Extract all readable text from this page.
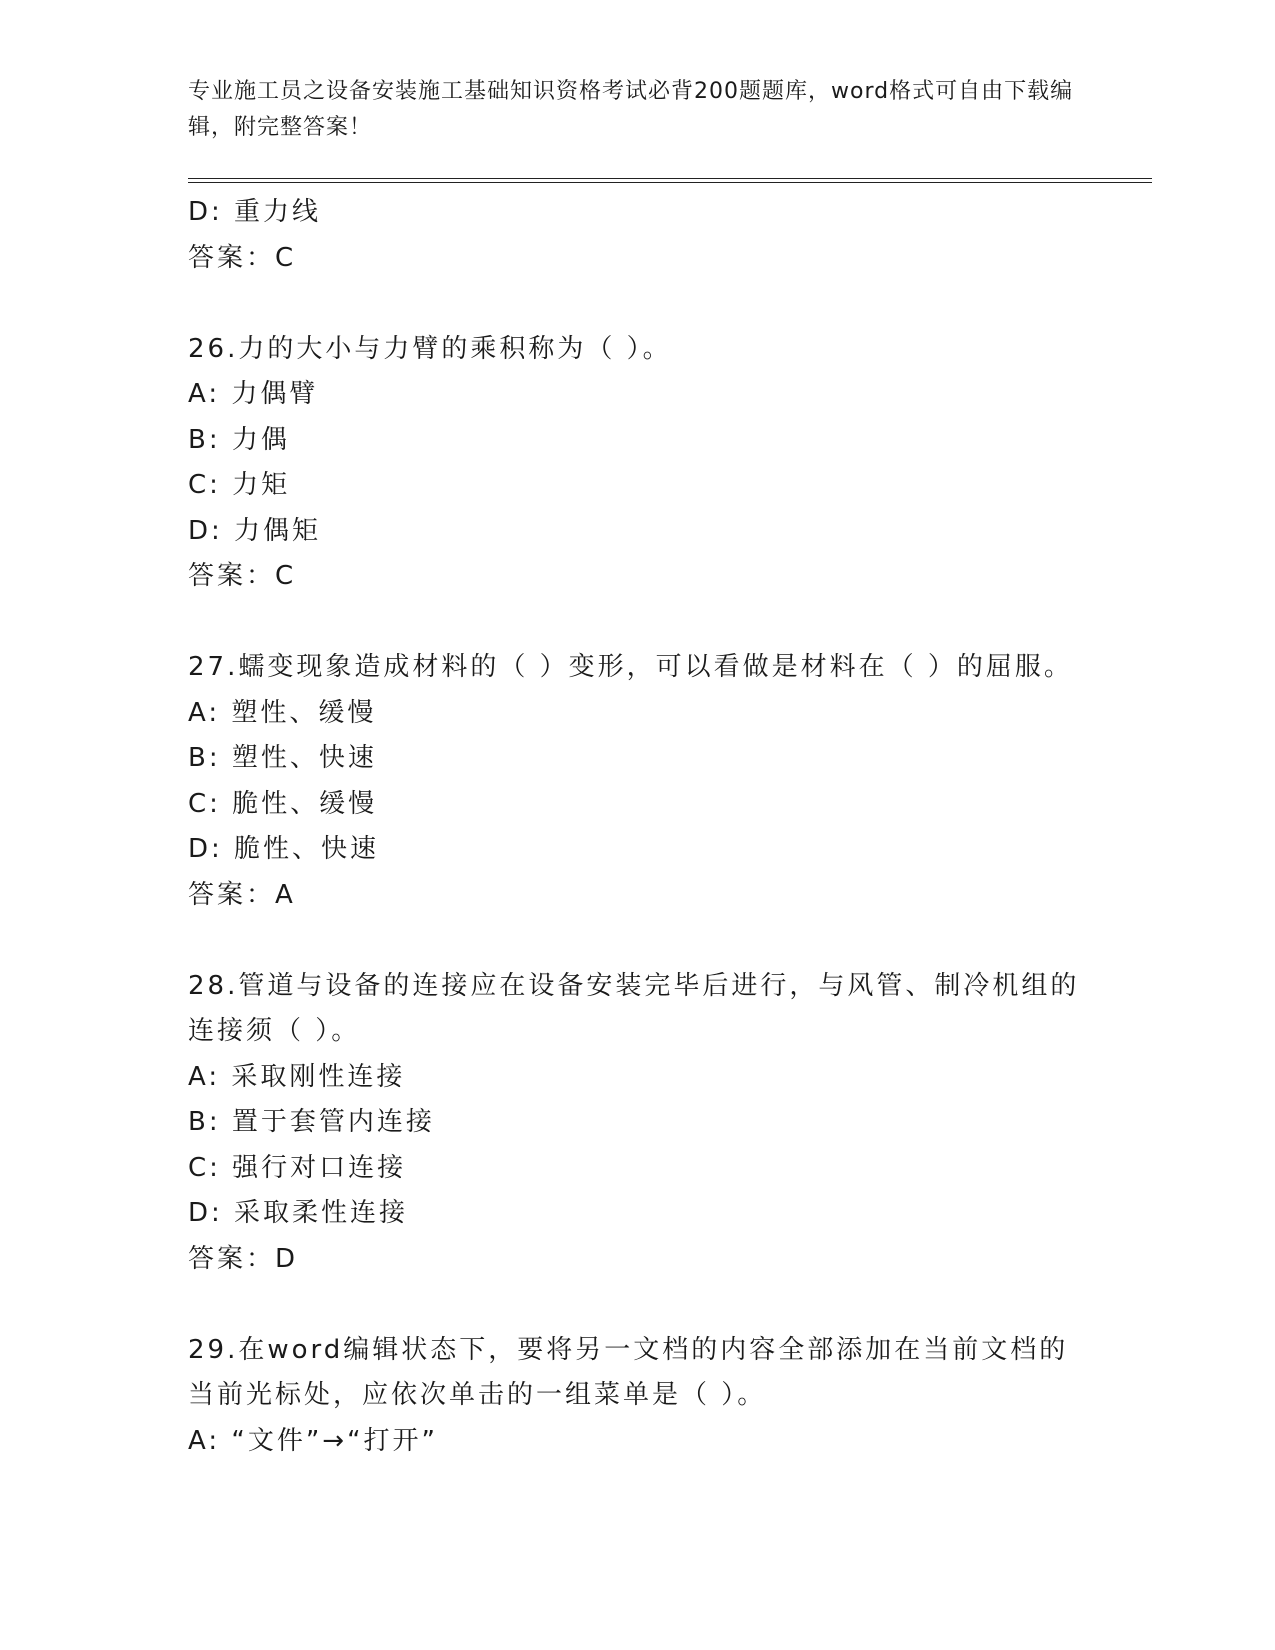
专业施工员之设备安装施工基础知识资格考试必背200题题库，word格式可自由下载编辑，附完整答案！
D: 重力线
答案：C
26.力的大小与力臂的乘积称为（ ）。
A: 力偶臂
B: 力偶
C: 力矩
D: 力偶矩
答案：C
27.蠕变现象造成材料的（ ）变形，可以看做是材料在（ ）的屈服。
A: 塑性、缓慢
B: 塑性、快速
C: 脆性、缓慢
D: 脆性、快速
答案：A
28.管道与设备的连接应在设备安装完毕后进行，与风管、制冷机组的连接须（ ）。
A: 采取刚性连接
B: 置于套管内连接
C: 强行对口连接
D: 采取柔性连接
答案：D
29.在word编辑状态下，要将另一文档的内容全部添加在当前文档的当前光标处，应依次单击的一组菜单是（ ）。
A: “文件”→“打开”
